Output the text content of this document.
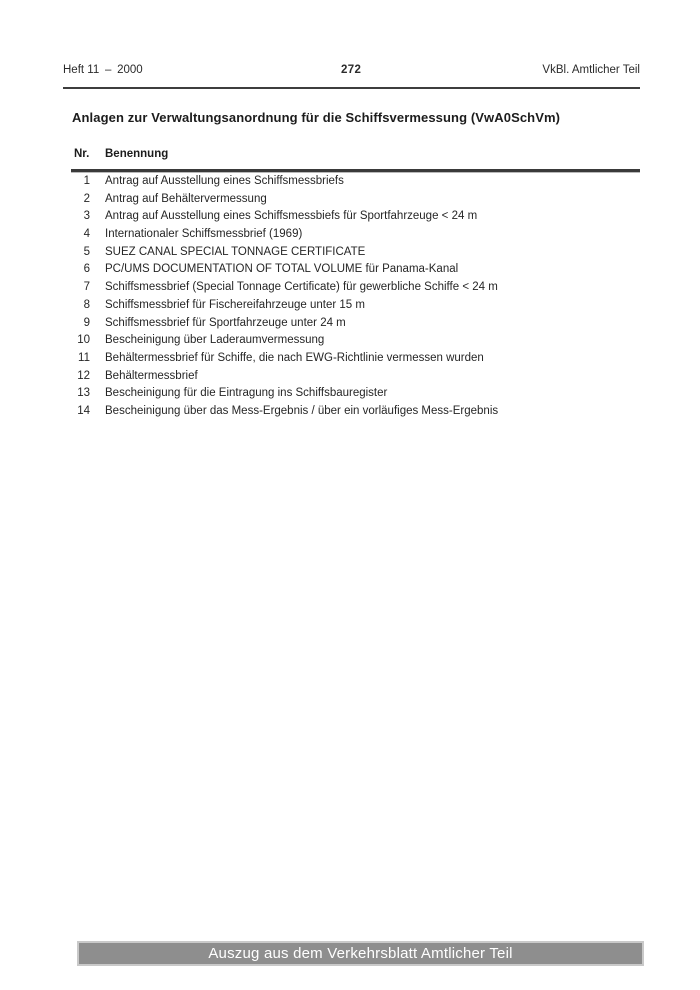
Heft 11 – 2000	272	VkBl. Amtlicher Teil
Anlagen zur Verwaltungsanordnung für die Schiffsvermessung (VwA0SchVm)
Nr. Benennung
1 Antrag auf Ausstellung eines Schiffsmessbriefs
2 Antrag auf Behältervermessung
3 Antrag auf Ausstellung eines Schiffsmessbiefs für Sportfahrzeuge < 24 m
4 Internationaler Schiffsmessbrief (1969)
5 SUEZ CANAL SPECIAL TONNAGE CERTIFICATE
6 PC/UMS DOCUMENTATION OF TOTAL VOLUME für Panama-Kanal
7 Schiffsmessbrief (Special Tonnage Certificate) für gewerbliche Schiffe < 24 m
8 Schiffsmessbrief für Fischereifahrzeuge unter 15 m
9 Schiffsmessbrief für Sportfahrzeuge unter 24 m
10 Bescheinigung über Laderaumvermessung
11 Behältermessbrief für Schiffe, die nach EWG-Richtlinie vermessen wurden
12 Behältermessbrief
13 Bescheinigung für die Eintragung ins Schiffsbauregister
14 Bescheinigung über das Mess-Ergebnis / über ein vorläufiges Mess-Ergebnis
Auszug aus dem Verkehrsblatt Amtlicher Teil
